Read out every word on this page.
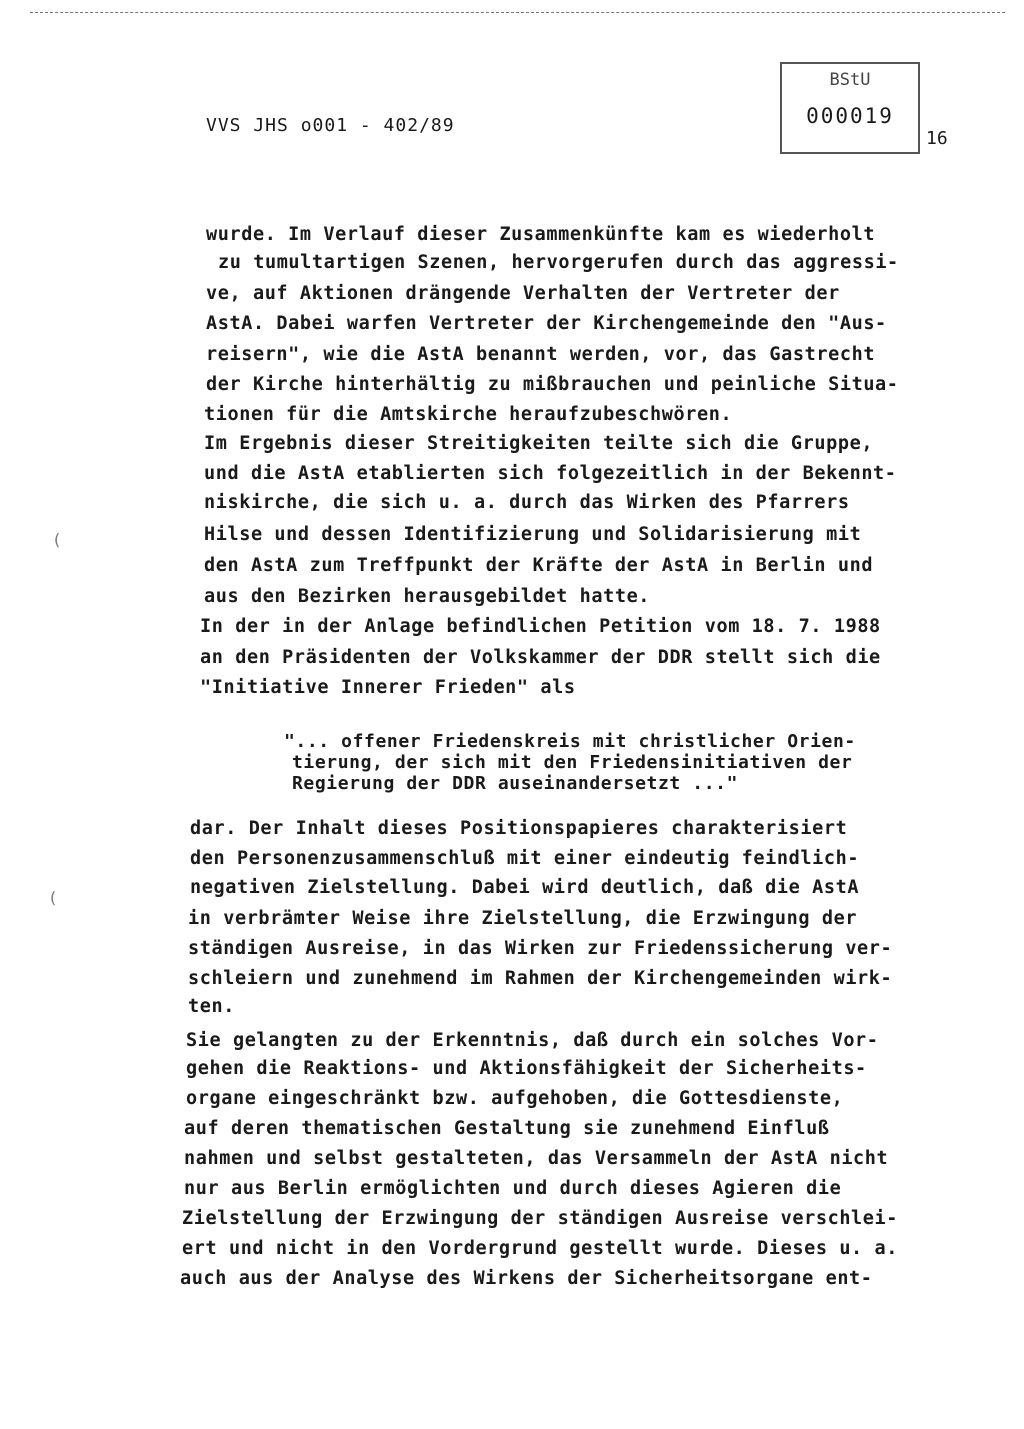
VVS JHS o001 - 402/89
BStU
000019
16
(
(
wurde. Im Verlauf dieser Zusammenkünfte kam es wiederholt
zu tumultartigen Szenen, hervorgerufen durch das aggressi-
ve, auf Aktionen drängende Verhalten der Vertreter der
AstA. Dabei warfen Vertreter der Kirchengemeinde den "Aus-
reisern", wie die AstA benannt werden, vor, das Gastrecht
der Kirche hinterhältig zu mißbrauchen und peinliche Situa-
tionen für die Amtskirche heraufzubeschwören.
Im Ergebnis dieser Streitigkeiten teilte sich die Gruppe,
und die AstA etablierten sich folgezeitlich in der Bekennt-
niskirche, die sich u. a. durch das Wirken des Pfarrers
Hilse und dessen Identifizierung und Solidarisierung mit
den AstA zum Treffpunkt der Kräfte der AstA in Berlin und
aus den Bezirken herausgebildet hatte.
In der in der Anlage befindlichen Petition vom 18. 7. 1988
an den Präsidenten der Volkskammer der DDR stellt sich die
"Initiative Innerer Frieden" als
"... offener Friedenskreis mit christlicher Orien-
tierung, der sich mit den Friedensinitiativen der
Regierung der DDR auseinandersetzt ..."
dar. Der Inhalt dieses Positionspapieres charakterisiert
den Personenzusammenschluß mit einer eindeutig feindlich-
negativen Zielstellung. Dabei wird deutlich, daß die AstA
in verbrämter Weise ihre Zielstellung, die Erzwingung der
ständigen Ausreise, in das Wirken zur Friedenssicherung ver-
schleiern und zunehmend im Rahmen der Kirchengemeinden wirk-
ten.
Sie gelangten zu der Erkenntnis, daß durch ein solches Vor-
gehen die Reaktions- und Aktionsfähigkeit der Sicherheits-
organe eingeschränkt bzw. aufgehoben, die Gottesdienste,
auf deren thematischen Gestaltung sie zunehmend Einfluß
nahmen und selbst gestalteten, das Versammeln der AstA nicht
nur aus Berlin ermöglichten und durch dieses Agieren die
Zielstellung der Erzwingung der ständigen Ausreise verschlei-
ert und nicht in den Vordergrund gestellt wurde. Dieses u. a.
auch aus der Analyse des Wirkens der Sicherheitsorgane ent-
